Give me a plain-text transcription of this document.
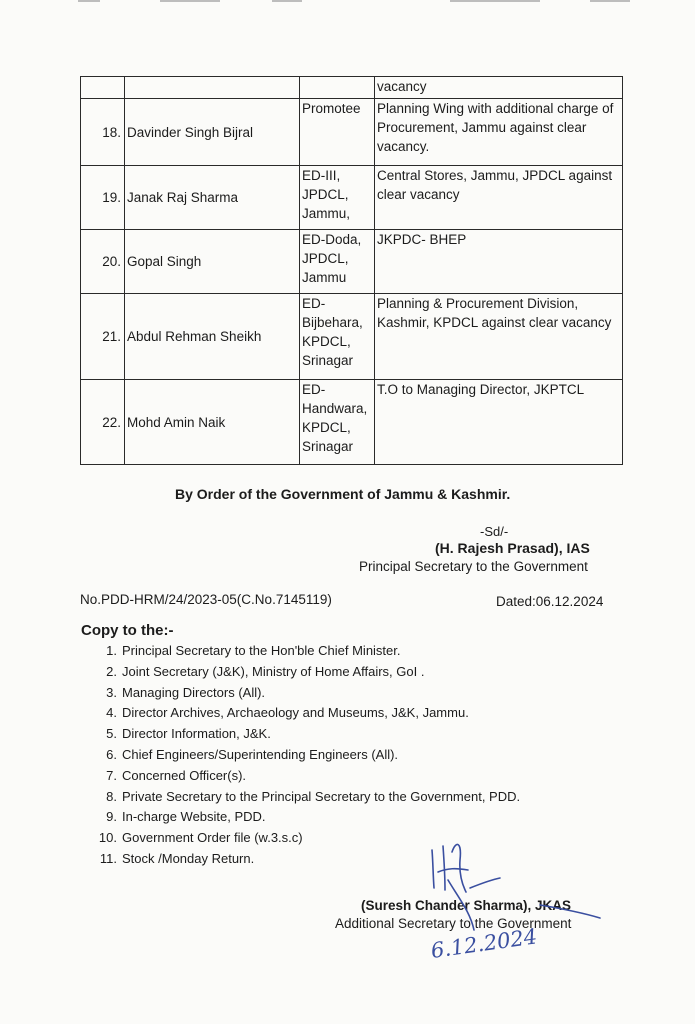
			vacancy
18.	Davinder Singh Bijral	Promotee	Planning Wing with additional charge of Procurement, Jammu against clear vacancy.
19.	Janak Raj Sharma	ED-III, JPDCL, Jammu,	Central Stores, Jammu, JPDCL against clear vacancy
20.	Gopal Singh	ED-Doda, JPDCL, Jammu	JKPDC- BHEP
21.	Abdul Rehman Sheikh	ED-Bijbehara, KPDCL, Srinagar	Planning & Procurement Division, Kashmir, KPDCL against clear vacancy
22.	Mohd Amin Naik	ED-Handwara, KPDCL, Srinagar	T.O to Managing Director, JKPTCL
By Order of the Government of Jammu & Kashmir.
-Sd/-
(H. Rajesh Prasad), IAS
Principal Secretary to the Government
No.PDD-HRM/24/2023-05(C.No.7145119)	Dated:06.12.2024
Copy to the:-
1. Principal Secretary to the Hon'ble Chief Minister.
2. Joint Secretary (J&K), Ministry of Home Affairs, GoI .
3. Managing Directors (All).
4. Director Archives, Archaeology and Museums, J&K, Jammu.
5. Director Information, J&K.
6. Chief Engineers/Superintending Engineers (All).
7. Concerned Officer(s).
8. Private Secretary to the Principal Secretary to the Government, PDD.
9. In-charge Website, PDD.
10. Government Order file (w.3.s.c)
11. Stock /Monday Return.
(Suresh Chander Sharma), JKAS
Additional Secretary to the Government
6.12.2024
